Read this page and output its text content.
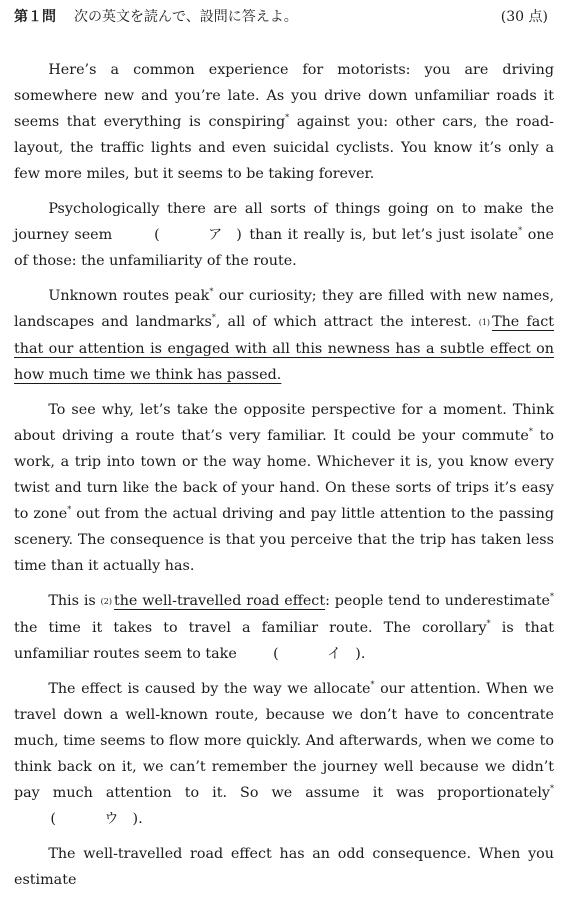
第１問 次の英文を読んで、設問に答えよ。	(30 点)

Here’s a common experience for motorists: you are driving somewhere new and you’re late. As you drive down unfamiliar roads it seems that everything is conspiring* against you: other cars, the road-layout, the traffic lights and even suicidal cyclists. You know it’s only a few more miles, but it seems to be taking forever.

Psychologically there are all sorts of things going on to make the journey seem	(	ア ) than it really is, but let’s just isolate* one of those: the unfamiliarity of the route.

Unknown routes peak* our curiosity; they are filled with new names, landscapes and landmarks*, all of which attract the interest. (1) The fact that our attention is engaged with all this newness has a subtle effect on how much time we think has passed.

To see why, let’s take the opposite perspective for a moment. Think about driving a route that’s very familiar. It could be your commute* to work, a trip into town or the way home. Whichever it is, you know every twist and turn like the back of your hand. On these sorts of trips it’s easy to zone* out from the actual driving and pay little attention to the passing scenery. The consequence is that you perceive that the trip has taken less time than it actually has.

This is (2) the well-travelled road effect: people tend to underestimate* the time it takes to travel a familiar route. The corollary* is that unfamiliar routes seem to take	(	イ ).

The effect is caused by the way we allocate* our attention. When we travel down a well-known route, because we don’t have to concentrate much, time seems to flow more quickly. And afterwards, when we come to think back on it, we can’t remember the journey well because we didn’t pay much attention to it. So we assume it was proportionately*(	ウ ).

The well-travelled road effect has an odd consequence. When you estimate
